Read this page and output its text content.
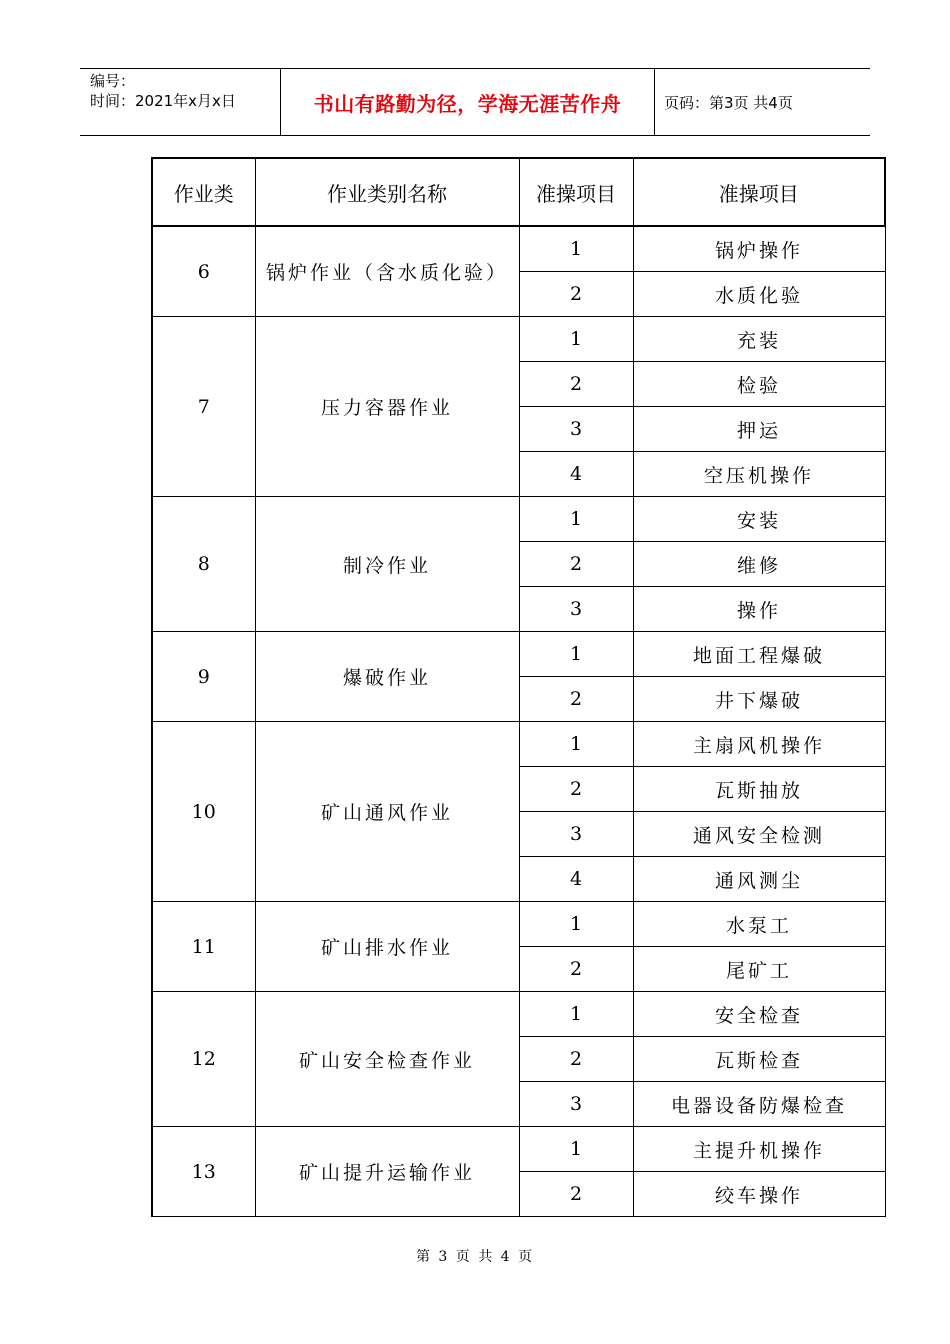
编号：
时间：2021年x月x日	书山有路勤为径，学海无涯苦作舟	页码：第3页 共4页
作业类	作业类别名称	准操项目	准操项目
6	锅炉作业（含水质化验）	1	锅炉操作
		2	水质化验
7	压力容器作业	1	充装
		2	检验
		3	押运
		4	空压机操作
8	制冷作业	1	安装
		2	维修
		3	操作
9	爆破作业	1	地面工程爆破
		2	井下爆破
10	矿山通风作业	1	主扇风机操作
		2	瓦斯抽放
		3	通风安全检测
		4	通风测尘
11	矿山排水作业	1	水泵工
		2	尾矿工
12	矿山安全检查作业	1	安全检查
		2	瓦斯检查
		3	电器设备防爆检查
13	矿山提升运输作业	1	主提升机操作
		2	绞车操作
第 3 页 共 4 页
